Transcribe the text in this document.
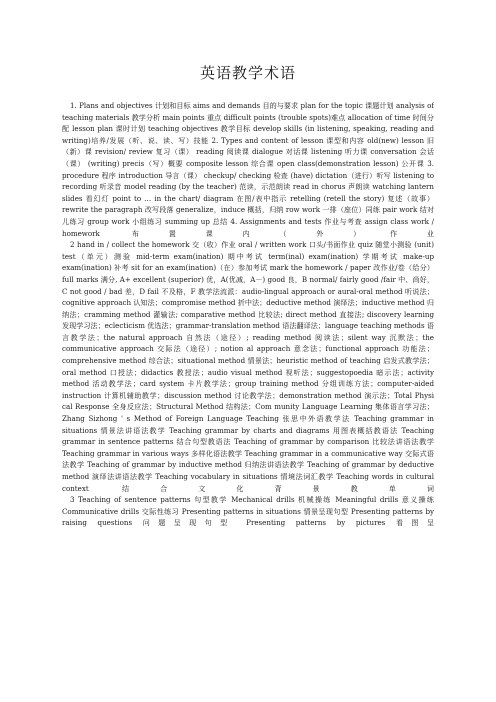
英语教学术语

1. Plans and objectives 计划和目标 aims and demands 目的与要求 plan for the topic 课题计划 analysis of teaching materials 教学分析 main points 重点 difficult points (trouble spots)难点 allocation of time 时间分配 lesson plan 课时计划 teaching objectives 教学目标 develop skills (in listening, speaking, reading and writing)培养/发展（听、说、读、写）技能 2. Types and content of lesson 课型和内容 old(new) lesson 旧（新）课 revision/ review 复习（课） reading 阅读课 dialogue 对话课 listening 听力课 conversation 会话（课） (writing) precis（写）概要 composite lesson 综合课 open class(demonstration lesson) 公开课 3. procedure 程序 introduction 导言（课） checkup/ checking 检查 (have) dictation（进行）听写 listening to recording 听录音 model reading (by the teacher) 范读，示范朗读 read in chorus 声朗读 watching lantern slides 看幻灯 point to … in the chart/ diagram 在图/表中指示 retelling (retell the story) 复述（故事） rewrite the paragraph 改写段落 generalize，induce 概括，归纳 row work 一排（座位）同练 pair work 结对儿练习 group work 小组练习 summing up 总结 4. Assignments and tests 作业与考查 assign class work / homework 布置课内（外）作业

2 hand in / collect the homework 交（收）作业 oral / written work 口头/书面作业 quiz 随堂小测验 (unit) test（单元）测验 mid-term exam(ination) 期中考试 term(inal) exam(ination) 学期考试 make-up exam(ination) 补考 sit for an exam(ination)（在）参加考试 mark the homework / paper 改作业/卷（给分） full marks 满分, A+ excellent (superior) 优，A(优减，A－) good 良，B normal/ fairly good /fair 中、尚好，C not good / bad 差，D fail 不及格，F 教学法流派：audio-lingual approach or aural-oral method 听说法；cognitive approach 认知法；compromise method 折中法；deductive method 演绎法；inductive method 归纳法；cramming method 灌输法; comparative method 比较法; direct method 直接法; discovery learning 发现学习法；eclecticism 优选法；grammar-translation method 语法翻译法；language teaching methods 语言教学法；the natural approach 自然法（途径）; reading method 阅读法；silent way 沉默法；the communicative approach 交际法（途径）; notion al approach 意念法；functional approach 功能法；comprehensive method 综合法；situational method 情景法；heuristic method of teaching 启发式教学法；oral method 口授法；didactics 教授法；audio visual method 视听法；suggestopoedia 暗示法；activity method 活动教学法；card system 卡片教学法；group training method 分组训练方法；computer-aided instruction 计算机辅助教学；discussion method 讨论教学法；demonstration method 演示法；Total Physi cal Response 全身反应法；Structural Method 结构法；Com munity Language Learning 集体语言学习法；Zhang Sizhong ' s Method of Foreign Language Teaching 张思中外语教学法 Teaching grammar in situations 情景法讲语法教学 Teaching grammar by charts and diagrams 用图表概括教语法 Teaching grammar in sentence patterns 结合句型教语法 Teaching of grammar by comparison 比较法讲语法教学 Teaching grammar in various ways 多样化语法教学 Teaching grammar in a communicative way 交际式语法教学 Teaching of grammar by inductive method 归纳法讲语法教学 Teaching of grammar by deductive method 演绎法讲语法教学 Teaching vocabulary in situations 情境法词汇教学 Teaching words in cultural context 结合文化背景教单词

3 Teaching of sentence patterns 句型教学 Mechanical drills 机械操练 Meaningful drills 意义操练 Communicative drills 交际性练习 Presenting patterns in situations 情景呈现句型 Presenting patterns by raising questions 问题呈现句型 Presenting patterns by pictures 看图呈
